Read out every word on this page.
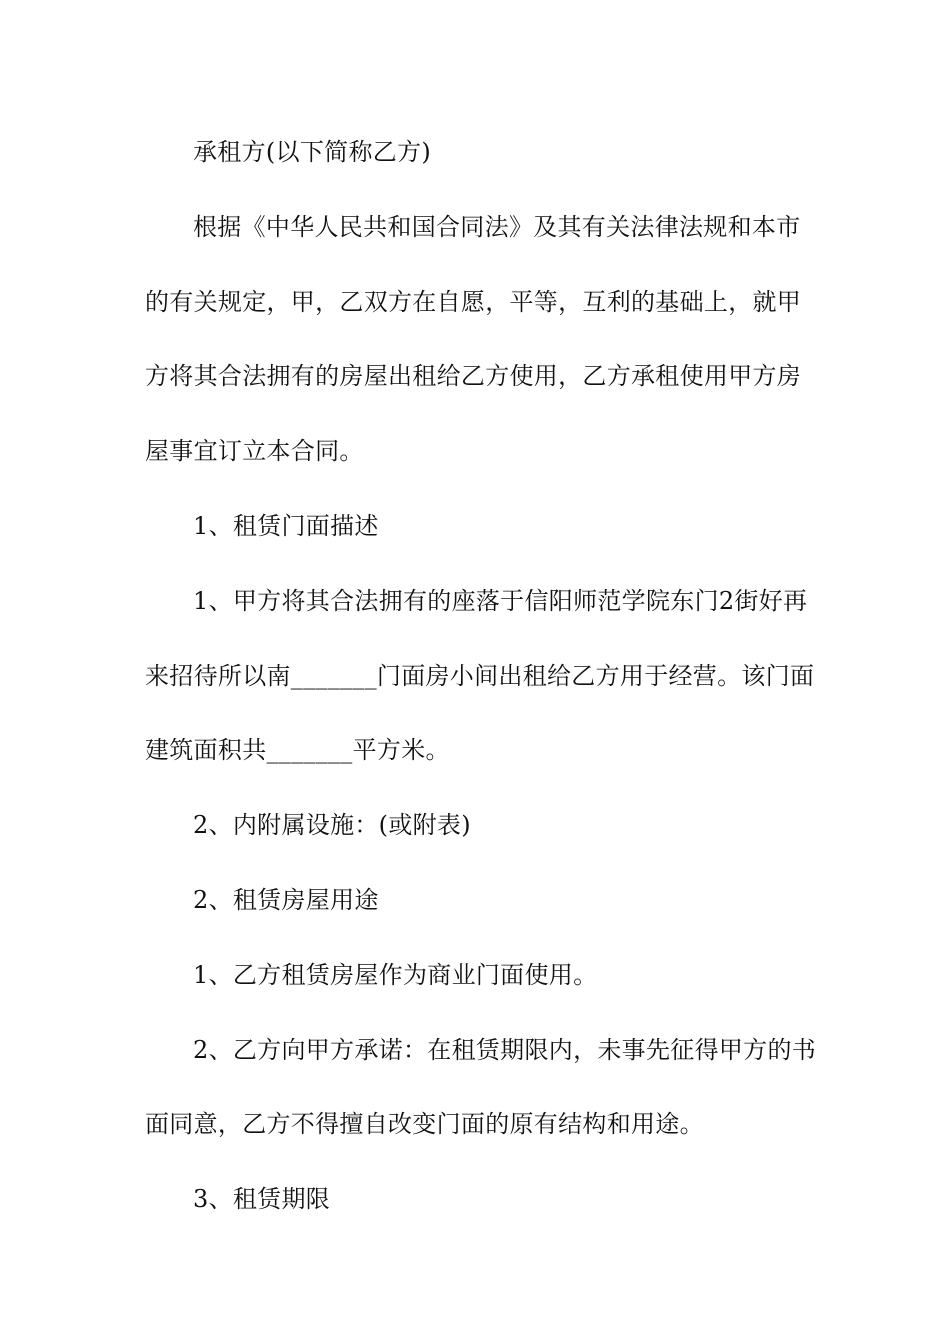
承租方(以下简称乙方)
根据《中华人民共和国合同法》及其有关法律法规和本市
的有关规定，甲，乙双方在自愿，平等，互利的基础上，就甲
方将其合法拥有的房屋出租给乙方使用，乙方承租使用甲方房
屋事宜订立本合同。
1、租赁门面描述
1、甲方将其合法拥有的座落于信阳师范学院东门2街好再
来招待所以南_______门面房小间出租给乙方用于经营。该门面
建筑面积共_______平方米。
2、内附属设施：(或附表)
2、租赁房屋用途
1、乙方租赁房屋作为商业门面使用。
2、乙方向甲方承诺：在租赁期限内，未事先征得甲方的书
面同意，乙方不得擅自改变门面的原有结构和用途。
3、租赁期限
